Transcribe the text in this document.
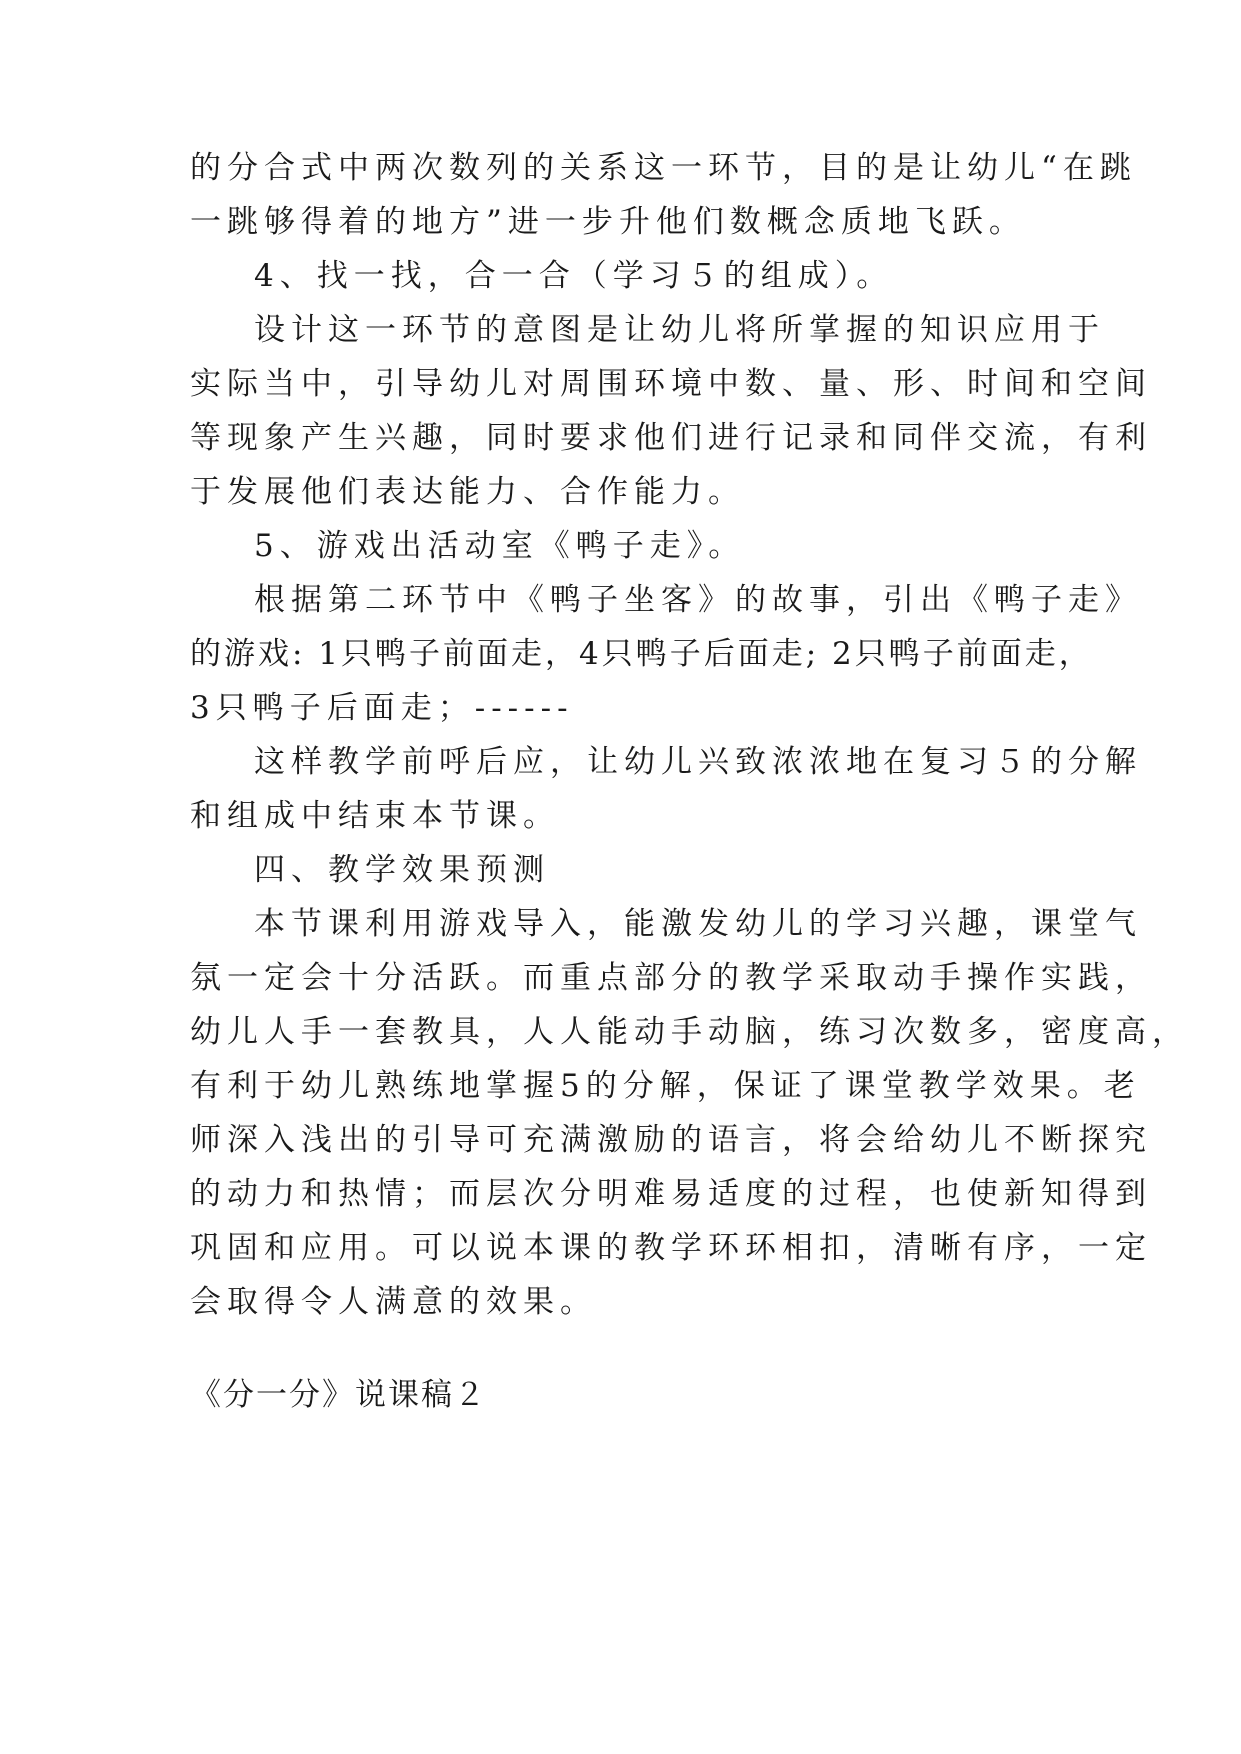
的分合式中两次数列的关系这一环节，目的是让幼儿“在跳

一跳够得着的地方”进一步升他们数概念质地飞跃。

4、找一找，合一合（学习５的组成）。

设计这一环节的意图是让幼儿将所掌握的知识应用于

实际当中，引导幼儿对周围环境中数、量、形、时间和空间

等现象产生兴趣，同时要求他们进行记录和同伴交流，有利

于发展他们表达能力、合作能力。

5、游戏出活动室《鸭子走》。

根据第二环节中《鸭子坐客》的故事，引出《鸭子走》

的游戏: 1只鸭子前面走，4只鸭子后面走; 2只鸭子前面走，

3只鸭子后面走；------

这样教学前呼后应，让幼儿兴致浓浓地在复习５的分解

和组成中结束本节课。

四、教学效果预测

本节课利用游戏导入，能激发幼儿的学习兴趣，课堂气

氛一定会十分活跃。而重点部分的教学采取动手操作实践，

幼儿人手一套教具，人人能动手动脑，练习次数多，密度高，

有利于幼儿熟练地掌握5的分解，保证了课堂教学效果。老

师深入浅出的引导可充满激励的语言，将会给幼儿不断探究

的动力和热情；而层次分明难易适度的过程，也使新知得到

巩固和应用。可以说本课的教学环环相扣，清晰有序，一定

会取得令人满意的效果。

《分一分》说课稿２
